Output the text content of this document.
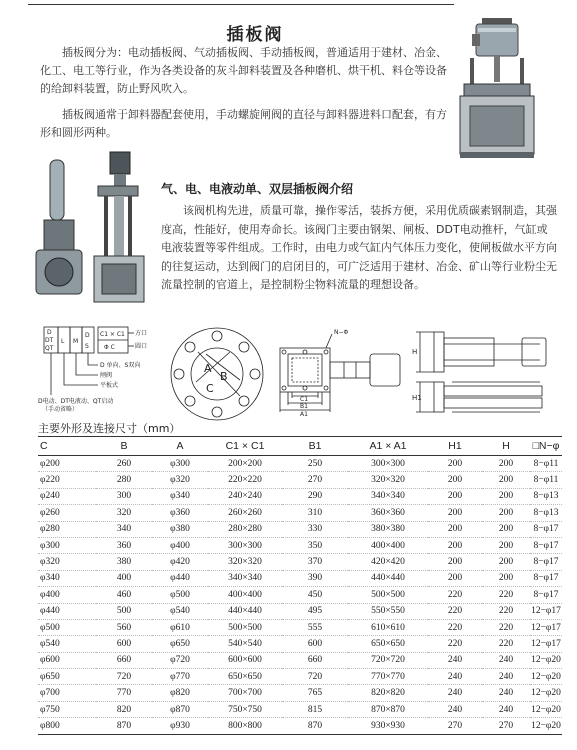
插板阀

插板阀分为：电动插板阀、气动插板阀、手动插板阀，普通适用于建材、冶金、化工、电工等行业，作为各类设备的灰斗卸料装置及各种磨机、烘干机、料仓等设备的给卸料装置，防止野风吹入。

插板阀通常于卸料器配套使用，手动螺旋闸阀的直径与卸料器进料口配套，有方形和圆形两种。

气、电、电液动单、双层插板阀介绍

该阀机构先进，质量可靠，操作零活，装拆方便，采用优质碳素钢制造，其强度高，性能好，使用寿命长。该阀门主要由钢架、闸板、DDT电动推杆，气缸或电液装置等零件组成。工作时，由电力或气缸内气体压力变化，使闸板做水平方向的往复运动，达到阀门的启闭目的，可广泛适用于建材、冶金、矿山等行业粉尘无流量控制的官道上，是控制粉尘物料流量的理想设备。

D
DT
QT
L M
D
S
C1 × C1
Φ C
方口
圆口
D 单向、S双向
闸阀
平板式
D电动、DT电液动、QT启动
（手动省略）
A
B
C
N−Φ
C1
B1
A1
H
H1
主要外形及连接尺寸（mm）
C	B	A	C1 × C1	B1	A1 × A1	H1	H	□N−φ
φ200	260	φ300	200×200	250	300×300	200	200	8−φ11
φ220	280	φ320	220×220	270	320×320	200	200	8−φ11
φ240	300	φ340	240×240	290	340×340	200	200	8−φ13
φ260	320	φ360	260×260	310	360×360	200	200	8−φ13
φ280	340	φ380	280×280	330	380×380	200	200	8−φ17
φ300	360	φ400	300×300	350	400×400	200	200	8−φ17
φ320	380	φ420	320×320	370	420×420	200	200	8−φ17
φ340	400	φ440	340×340	390	440×440	200	200	8−φ17
φ400	460	φ500	400×400	450	500×500	220	220	8−φ17
φ440	500	φ540	440×440	495	550×550	220	220	12−φ17
φ500	560	φ610	500×500	555	610×610	220	220	12−φ17
φ540	600	φ650	540×540	600	650×650	220	220	12−φ17
φ600	660	φ720	600×600	660	720×720	240	240	12−φ20
φ650	720	φ770	650×650	720	770×770	240	240	12−φ20
φ700	770	φ820	700×700	765	820×820	240	240	12−φ20
φ750	820	φ870	750×750	815	870×870	240	240	12−φ20
φ800	870	φ930	800×800	870	930×930	270	270	12−φ20
